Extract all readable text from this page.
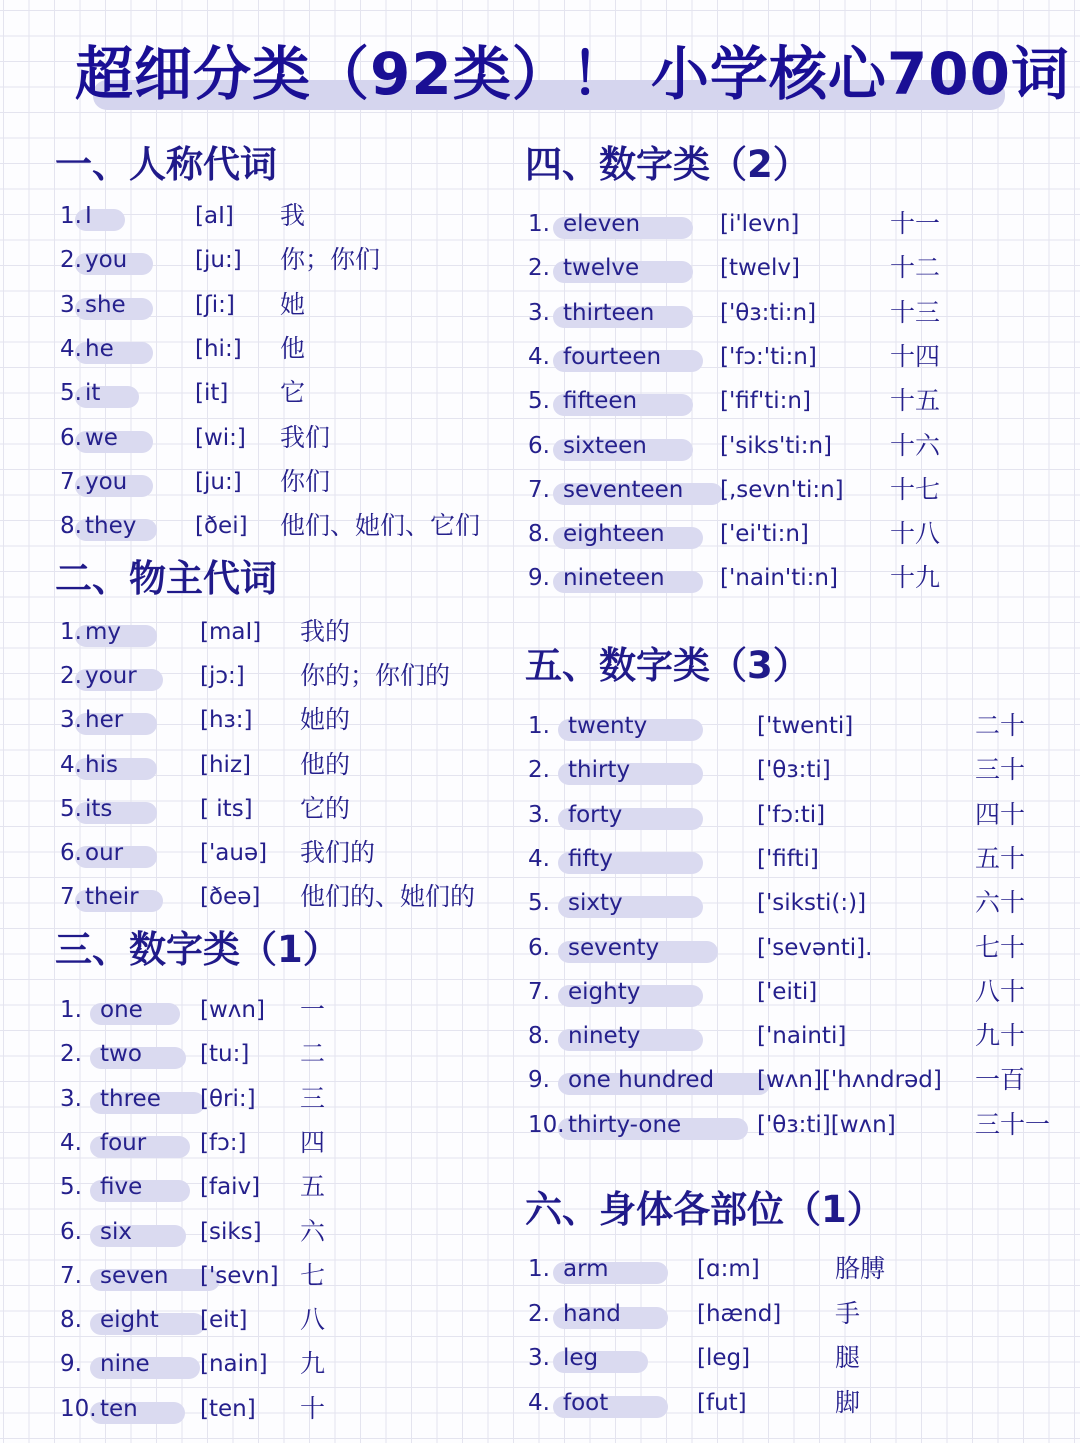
超细分类（92类）！ 小学核心700词
一、人称代词
1. I	[aI] 我
2. you	[ju:] 你；你们
3. she	[ʃi:] 她
4. he	[hi:] 他
5. it	[it] 它
6. we	[wi:] 我们
7. you	[ju:] 你们
8. they	[ðei] 他们、她们、它们
二、物主代词
1. my	[maI] 我的
2. your	[jɔ:] 你的；你们的
3. her	[hɜ:] 她的
4. his	[hiz] 他的
5. its	[ its] 它的
6. our	['auə] 我们的
7. their	[ðeə] 他们的、她们的
三、数字类（1）
1. one [wʌn] 一
2. two	[tu:] 二
3. three [θri:] 三
4. four [fɔ:] 四
5. five	[faiv] 五
6. six	[siks] 六
7. seven ['sevn] 七
8. eight [eit] 八
9. nine [nain] 九
10. ten	[ten] 十
四、数字类（2）
1. eleven	[i'levn]	十一
2. twelve	[twelv]	十二
3. thirteen	['θɜ:ti:n]	十三
4. fourteen	['fɔ:'ti:n]	十四
5. fifteen	['fif'ti:n]	十五
6. sixteen	['siks'ti:n] 十六
7. seventeen [,sevn'ti:n] 十七
8. eighteen ['ei'ti:n]	十八
9. nineteen ['nain'ti:n] 十九
五、数字类（3）
1. twenty	['twenti]	二十
2. thirty	['θɜ:ti]	三十
3. forty	['fɔ:ti]	四十
4. fifty	['fifti]	五十
5. sixty	['siksti(:)]	六十
6. seventy	['sevənti].	七十
7. eighty	['eiti]	八十
8. ninety	['nainti]	九十
9. one hundred [wʌn]['hʌndrəd] 一百
10. thirty-one	['θɜ:ti][wʌn]	三十一
六、身体各部位（1）
1. arm	[ɑ:m]	胳膊
2. hand	[hænd] 手
3. leg	[leg]	腿
4. foot	[fut]	脚
